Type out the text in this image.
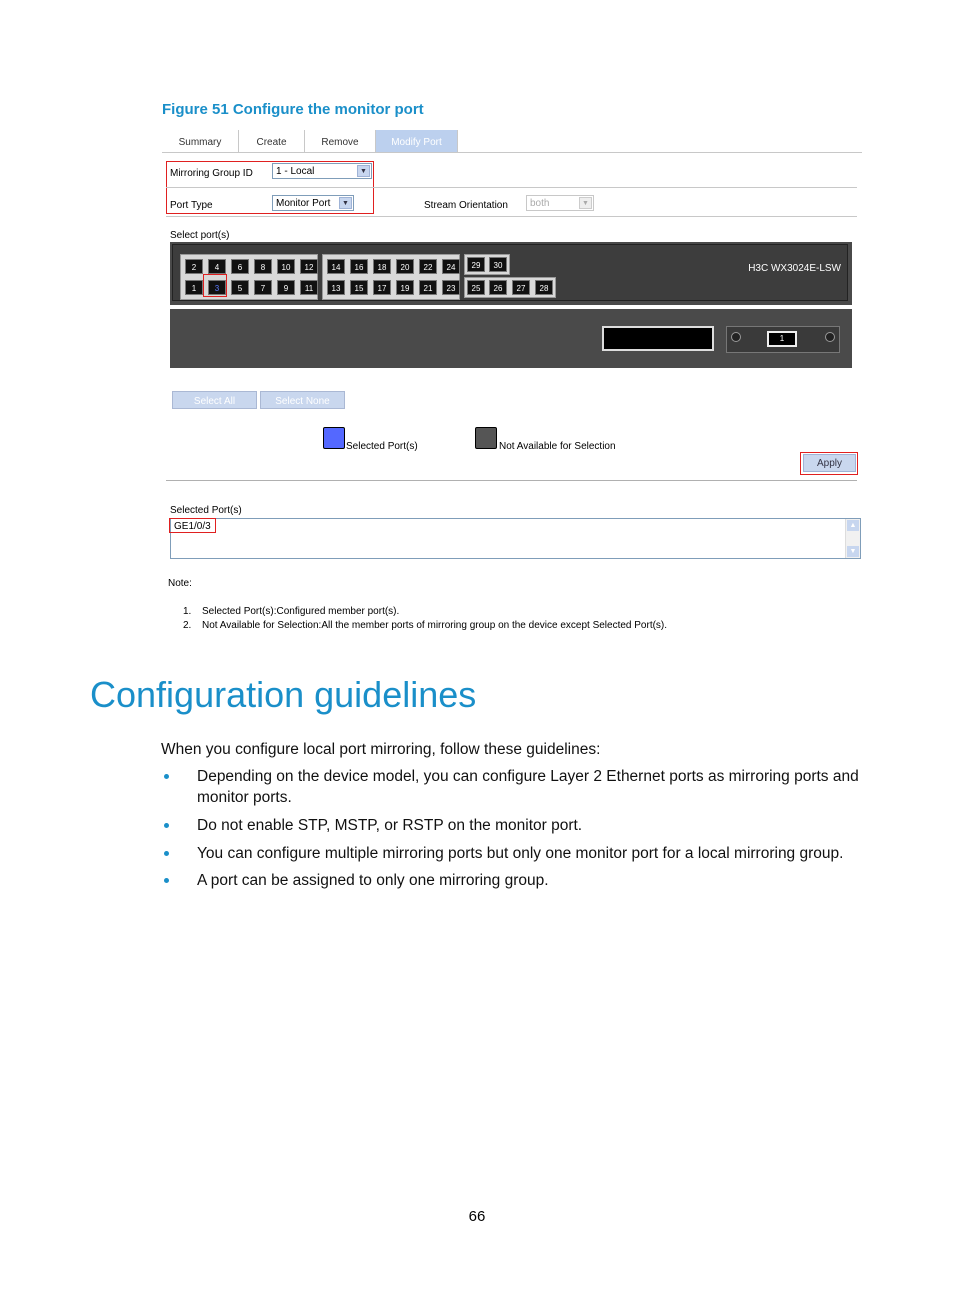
Figure 51 Configure the monitor port
Summary	Create	Remove	Modify Port
Mirroring Group ID	1 - Local	▼
Port Type	Monitor Port	▼	Stream Orientation	both	▼
Select port(s)
2	4	6	8	10	12
1	3	5	7	9	11
14	16	18	20	22	24
13	15	17	19	21	23
29	30
25	26	27	28
H3C WX3024E-LSW
1
Select All	Select None
Selected Port(s)	Not Available for Selection
Apply
Selected Port(s)
GE1/0/3	▲
▼
Note:
1. Selected Port(s):Configured member port(s).
2. Not Available for Selection:All the member ports of mirroring group on the device except Selected Port(s).
Configuration guidelines
When you configure local port mirroring, follow these guidelines:
Depending on the device model, you can configure Layer 2 Ethernet ports as mirroring ports and
monitor ports.
Do not enable STP, MSTP, or RSTP on the monitor port.
You can configure multiple mirroring ports but only one monitor port for a local mirroring group.
A port can be assigned to only one mirroring group.
66
